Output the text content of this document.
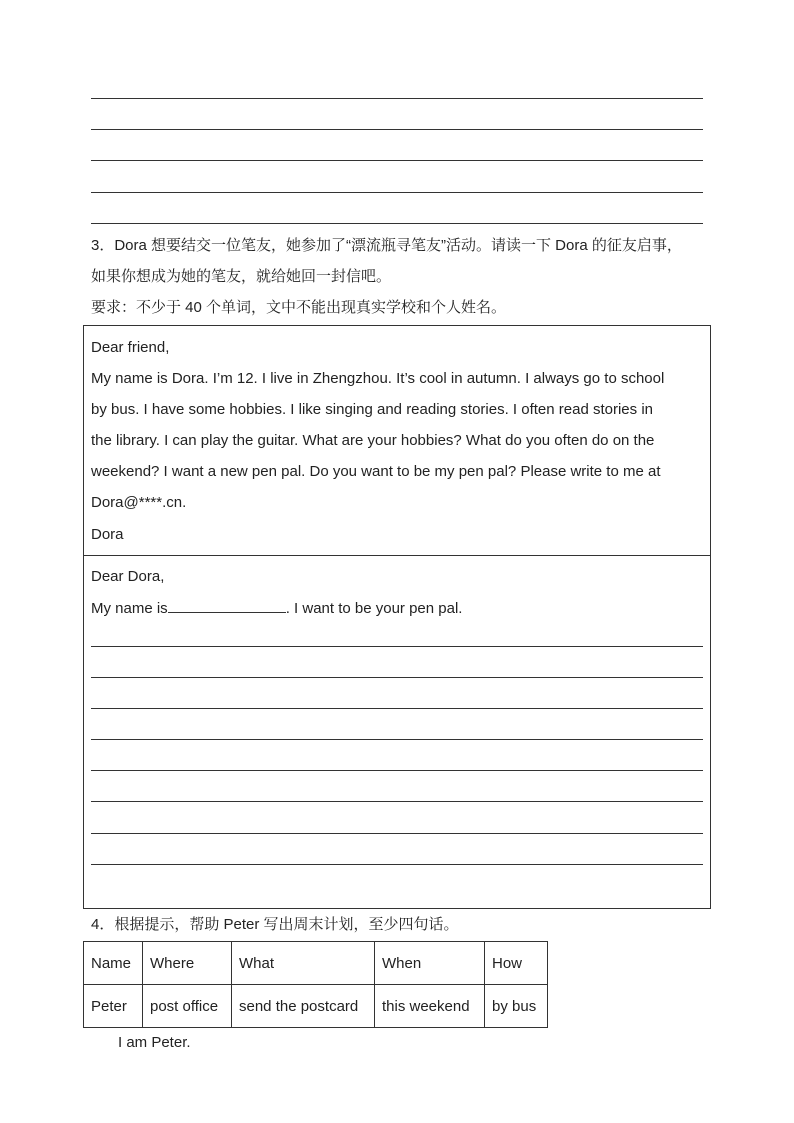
3．Dora 想要结交一位笔友，她参加了“漂流瓶寻笔友”活动。请读一下 Dora 的征友启事，
如果你想成为她的笔友，就给她回一封信吧。
要求：不少于 40 个单词，文中不能出现真实学校和个人姓名。
Dear friend,
My name is Dora. I’m 12. I live in Zhengzhou. It’s cool in autumn. I always go to school
by bus. I have some hobbies. I like singing and reading stories. I often read stories in
the library. I can play the guitar. What are your hobbies? What do you often do on the
weekend? I want a new pen pal. Do you want to be my pen pal? Please write to me at
Dora@****.cn.
Dora
Dear Dora,
My name is	. I want to be your pen pal.
4．根据提示，帮助 Peter 写出周末计划，至少四句话。
Name	Where	What	When	How
Peter	post office	send the postcard	this weekend	by bus
I am Peter.
